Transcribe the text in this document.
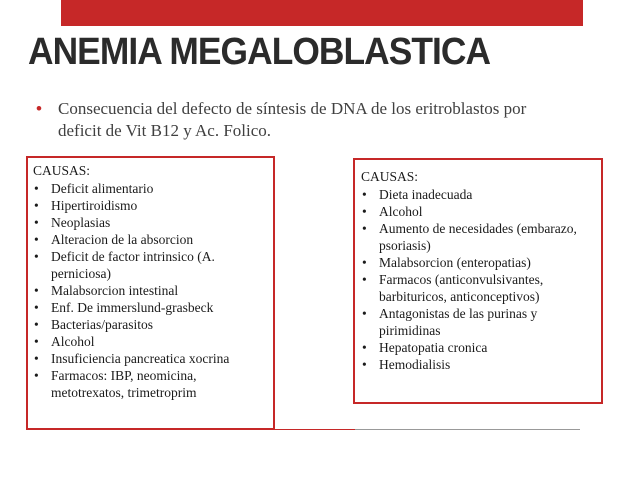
ANEMIA MEGALOBLASTICA
• Consecuencia del defecto de síntesis de DNA de los eritroblastos por deficit de Vit B12 y Ac. Folico.
CAUSAS:
• Deficit alimentario
• Hipertiroidismo
• Neoplasias
• Alteracion de la absorcion
• Deficit de factor intrinsico (A. perniciosa)
• Malabsorcion intestinal
• Enf. De immerslund-grasbeck
• Bacterias/parasitos
• Alcohol
• Insuficiencia pancreatica xocrina
• Farmacos: IBP, neomicina, metotrexatos, trimetroprim
CAUSAS:
• Dieta inadecuada
• Alcohol
• Aumento de necesidades (embarazo, psoriasis)
• Malabsorcion (enteropatias)
• Farmacos (anticonvulsivantes, barbituricos, anticonceptivos)
• Antagonistas de las purinas y pirimidinas
• Hepatopatia cronica
• Hemodialisis
